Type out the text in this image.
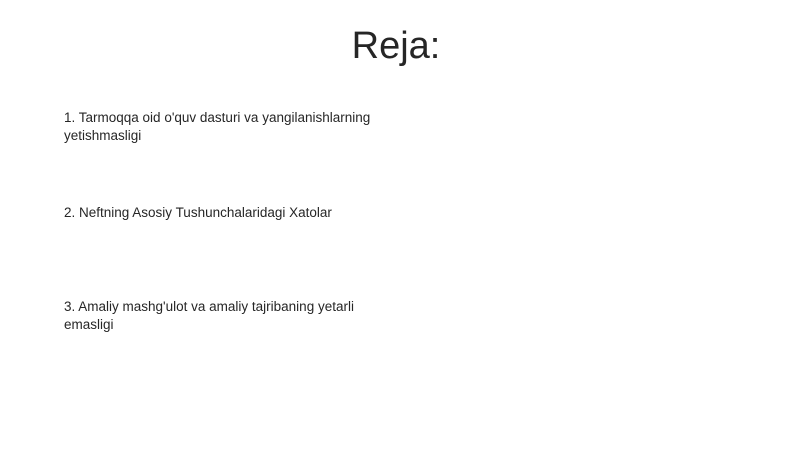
Reja:

1. Tarmoqqa oid o'quv dasturi va yangilanishlarning yetishmasligi

2. Neftning Asosiy Tushunchalaridagi Xatolar

3. Amaliy mashg'ulot va amaliy tajribaning yetarli emasligi
